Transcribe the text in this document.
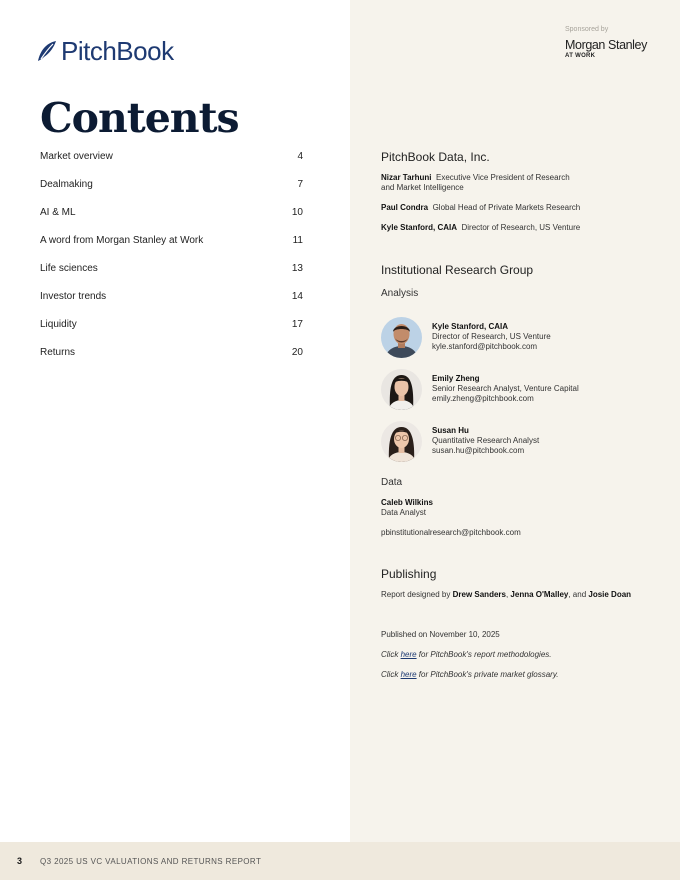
PitchBook
Contents
Market overview	4
Dealmaking	7
AI & ML	10
A word from Morgan Stanley at Work	11
Life sciences	13
Investor trends	14
Liquidity	17
Returns	20
Sponsored by
Morgan Stanley
AT WORK
PitchBook Data, Inc.
Nizar Tarhuni Executive Vice President of Research
and Market Intelligence
Paul Condra Global Head of Private Markets Research
Kyle Stanford, CAIA Director of Research, US Venture
Institutional Research Group
Analysis
Kyle Stanford, CAIA
Director of Research, US Venture
kyle.stanford@pitchbook.com
Emily Zheng
Senior Research Analyst, Venture Capital
emily.zheng@pitchbook.com
Susan Hu
Quantitative Research Analyst
susan.hu@pitchbook.com
Data
Caleb Wilkins
Data Analyst
pbinstitutionalresearch@pitchbook.com
Publishing
Report designed by Drew Sanders, Jenna O'Malley, and Josie Doan
Published on November 10, 2025
Click here for PitchBook's report methodologies.
Click here for PitchBook's private market glossary.
3 Q3 2025 US VC VALUATIONS AND RETURNS REPORT
